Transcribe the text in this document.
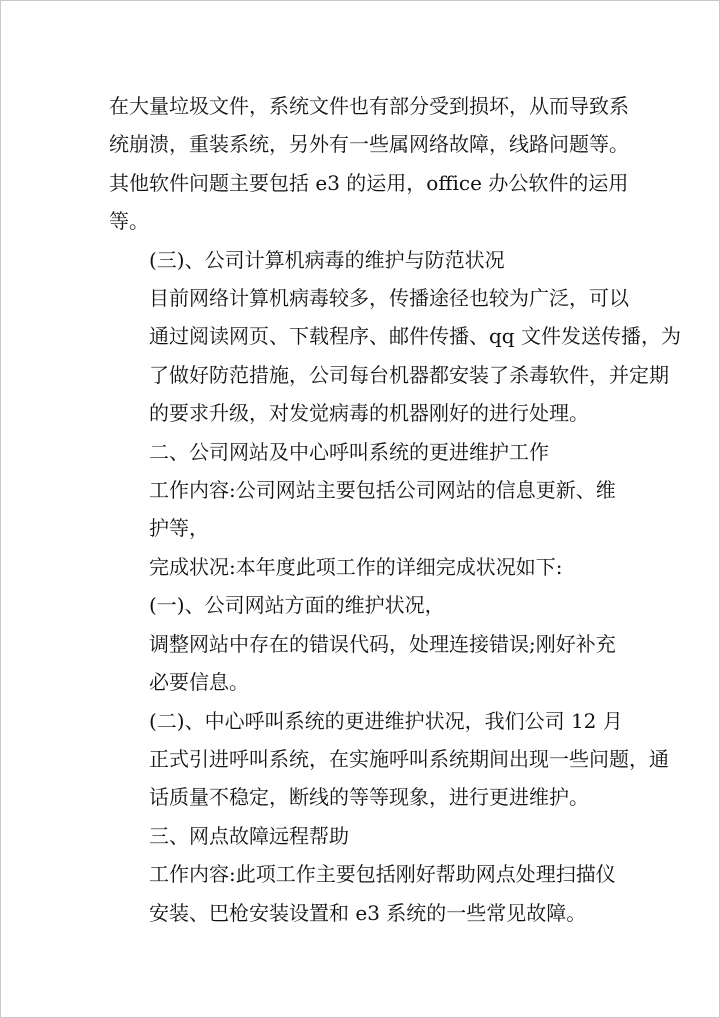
在大量垃圾文件，系统文件也有部分受到损坏，从而导致系
统崩溃，重装系统，另外有一些属网络故障，线路问题等。
其他软件问题主要包括 e3 的运用，office 办公软件的运用
等。

(三)、公司计算机病毒的维护与防范状况

目前网络计算机病毒较多，传播途径也较为广泛，可以
通过阅读网页、下载程序、邮件传播、qq 文件发送传播，为
了做好防范措施，公司每台机器都安装了杀毒软件，并定期
的要求升级，对发觉病毒的机器刚好的进行处理。

二、公司网站及中心呼叫系统的更进维护工作

工作内容:公司网站主要包括公司网站的信息更新、维
护等，

完成状况:本年度此项工作的详细完成状况如下:

(一)、公司网站方面的维护状况，

调整网站中存在的错误代码，处理连接错误;刚好补充
必要信息。

(二)、中心呼叫系统的更进维护状况，我们公司 12 月
正式引进呼叫系统，在实施呼叫系统期间出现一些问题，通
话质量不稳定，断线的等等现象，进行更进维护。

三、网点故障远程帮助

工作内容:此项工作主要包括刚好帮助网点处理扫描仪
安装、巴枪安装设置和 e3 系统的一些常见故障。
